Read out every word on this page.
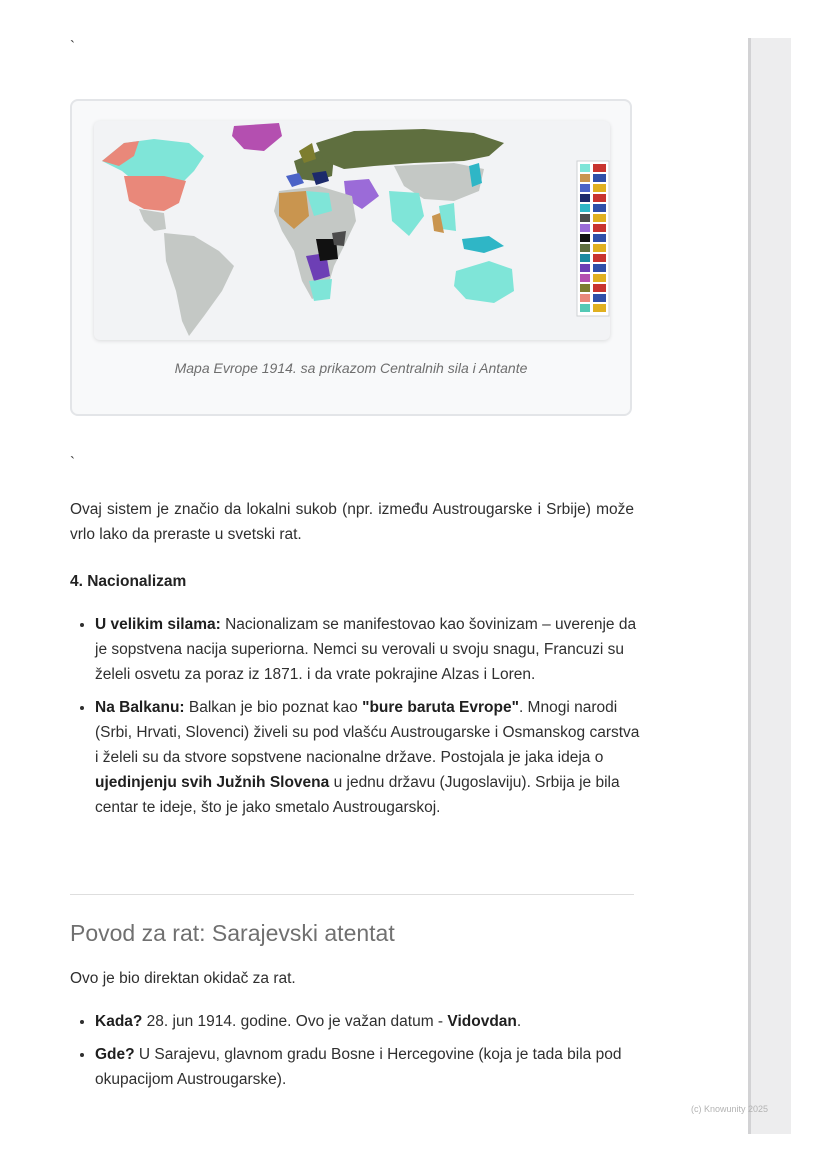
`
Mapa Evrope 1914. sa prikazom Centralnih sila i Antante
`

Ovaj sistem je značio da lokalni sukob (npr. između Austrougarske i Srbije) može vrlo lako da preraste u svetski rat.

4. Nacionalizam

• U velikim silama: Nacionalizam se manifestovao kao šovinizam – uverenje da je sopstvena nacija superiorna. Nemci su verovali u svoju snagu, Francuzi su želeli osvetu za poraz iz 1871. i da vrate pokrajine Alzas i Loren.
• Na Balkanu: Balkan je bio poznat kao "bure baruta Evrope". Mnogi narodi (Srbi, Hrvati, Slovenci) živeli su pod vlašću Austrougarske i Osmanskog carstva i želeli su da stvore sopstvene nacionalne države. Postojala je jaka ideja o ujedinjenju svih Južnih Slovena u jednu državu (Jugoslaviju). Srbija je bila centar te ideje, što je jako smetalo Austrougarskoj.
Povod za rat: Sarajevski atentat

Ovo je bio direktan okidač za rat.

• Kada? 28. jun 1914. godine. Ovo je važan datum - Vidovdan.
• Gde? U Sarajevu, glavnom gradu Bosne i Hercegovine (koja je tada bila pod okupacijom Austrougarske).
(c) Knowunity 2025
